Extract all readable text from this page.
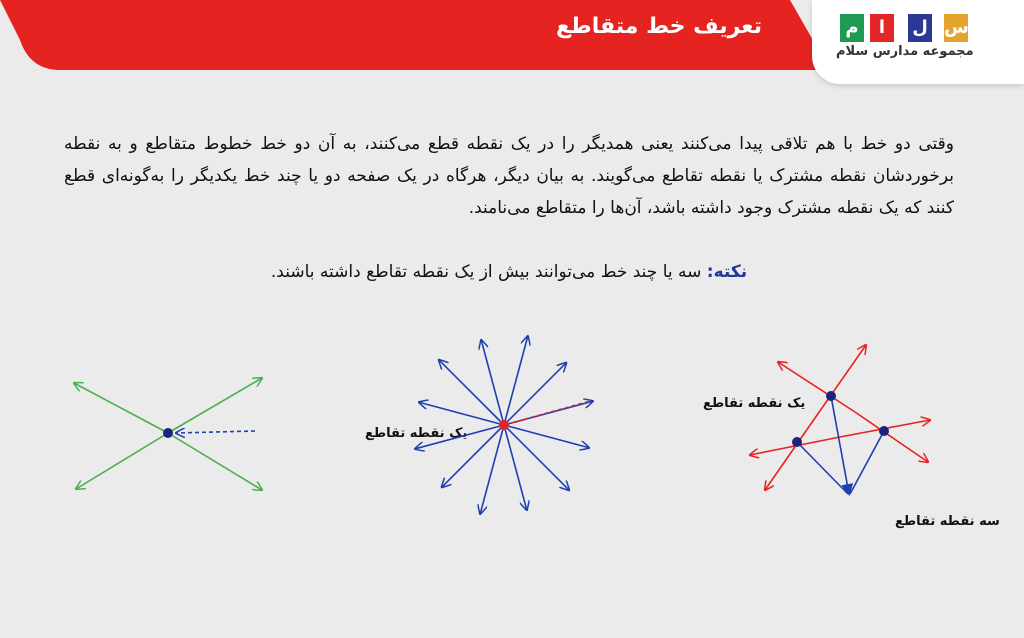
تعریف خط متقاطع	م	ا	ل س
مجموعه مدارس سلام
وقتی دو خط با هم تلاقی پیدا می‌کنند یعنی همدیگر را در یک نقطه قطع می‌کنند، به آن دو خط خطوط متقاطع و به نقطه برخوردشان نقطه مشترک یا نقطه تقاطع می‌گویند. به بیان دیگر، هرگاه در یک صفحه دو یا چند خط یکدیگر را به‌گونه‌ای قطع کنند که یک نقطه مشترک وجود داشته باشد، آن‌ها را متقاطع می‌نامند.
نکته: سه یا چند خط می‌توانند بیش از یک نقطه تقاطع داشته باشند.
یک نقطه تقاطع
یک نقطه تقاطع
سه نقطه تقاطع
